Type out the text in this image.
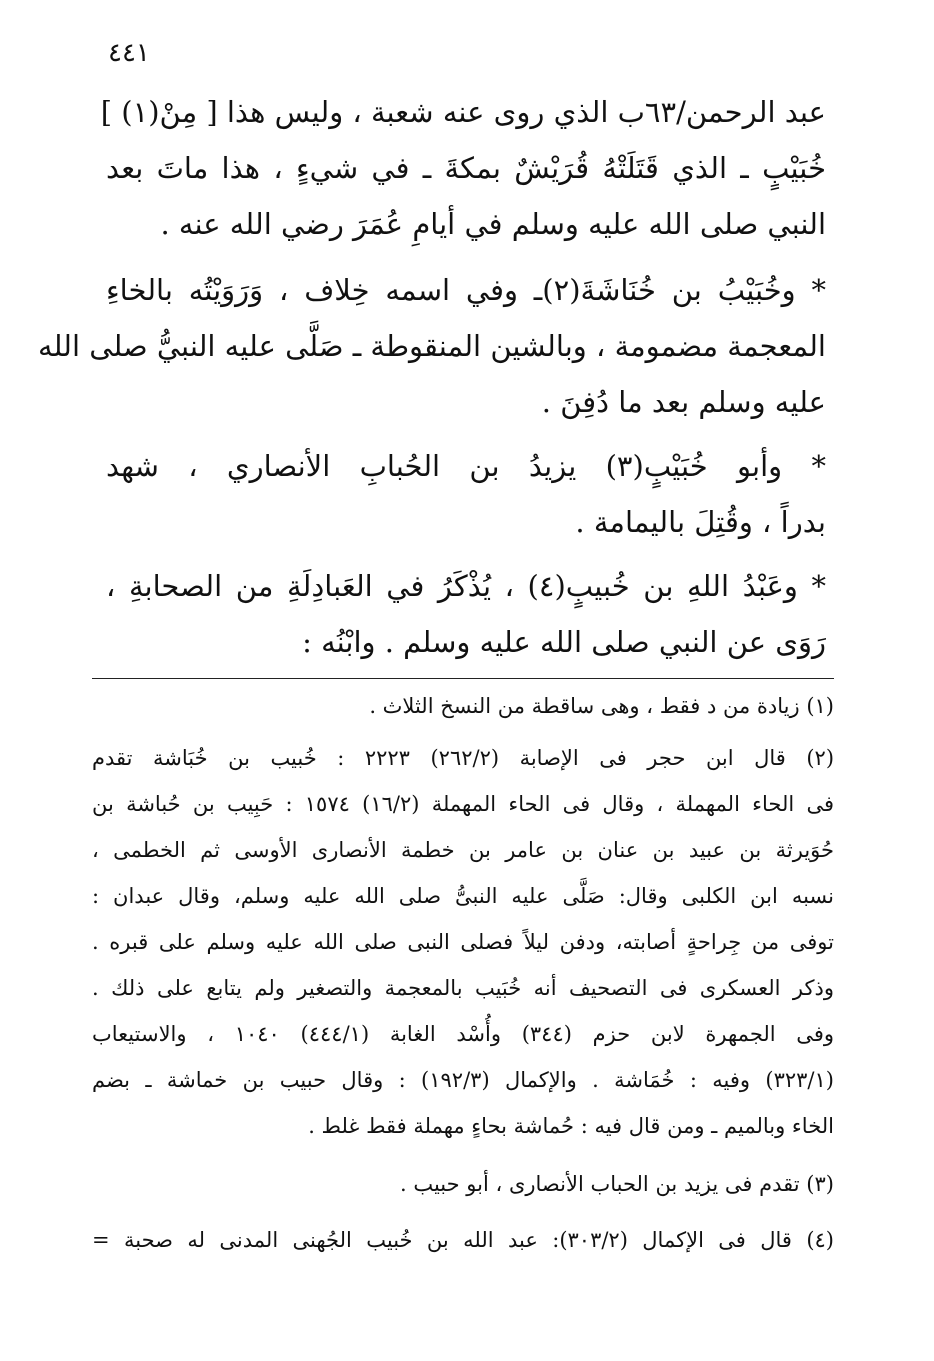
٤٤١
عبد الرحمن/٦٣ب الذي روى عنه شعبة ، وليس هذا [ مِنْ(١) ]
خُبَيْبٍ ـ الذي قَتَلَتْهُ قُرَيْشٌ بمكةَ ـ في شيءٍ ، هذا ماتَ بعد
النبي صلى الله عليه وسلم في أيامِ عُمَرَ رضي الله عنه .
* وخُبَيْبُ بن خُنَاشَةَ(٢)ـ وفي اسمه خِلاف ، وَرَوَيْتُه بالخاءِ
المعجمة مضمومة ، وبالشين المنقوطة ـ صَلَّى عليه النبيُّ صلى الله
عليه وسلم بعد ما دُفِنَ .
* وأبو خُبَيْبٍ(٣) يزيدُ بن الحُبابِ الأنصاري ، شهد
بدراً ، وقُتِلَ باليمامة .
* وعَبْدُ اللهِ بن خُبيبٍ(٤) ، يُذْكَرُ في العَبادِلَةِ من الصحابةِ ،
رَوَى عن النبي صلى الله عليه وسلم . وابْنُه :
(١) زيادة من د فقط ، وهى ساقطة من النسخ الثلاث .
(٢) قال ابن حجر فى الإصابة (٢٦٢/٢) ٢٢٢٣ : خُبيب بن خُبَاشة تقدم
فى الحاء المهملة ، وقال فى الحاء المهملة (١٦/٢) ١٥٧٤ : حَبِيب بن حُباشة بن
حُوَيرثة بن عبيد بن عنان بن عامر بن خطمة الأنصارى الأوسى ثم الخطمى ،
نسبه ابن الكلبى وقال: صَلَّى عليه النبىُّ صلى الله عليه وسلم، وقال عبدان :
توفى من جِراحةٍ أصابته، ودفن ليلاً فصلى النبى صلى الله عليه وسلم على قبره .
وذكر العسكرى فى التصحيف أنه خُبَيب بالمعجمة والتصغير ولم يتابع على ذلك .
وفى الجمهرة لابن حزم (٣٤٤) وأُسْد الغابة (٤٤٤/١) ١٠٤٠ ، والاستيعاب
(٣٢٣/١) وفيه : خُمَاشة . والإكمال (١٩٢/٣) : وقال حبيب بن خماشة ـ بضم
الخاء وبالميم ـ ومن قال فيه : حُماشة بحاءٍ مهملة فقط غلط .
(٣) تقدم فى يزيد بن الحباب الأنصارى ، أبو حبيب .
(٤) قال فى الإكمال (٣٠٣/٢): عبد الله بن خُبيب الجُهنى المدنى له صحبة =
